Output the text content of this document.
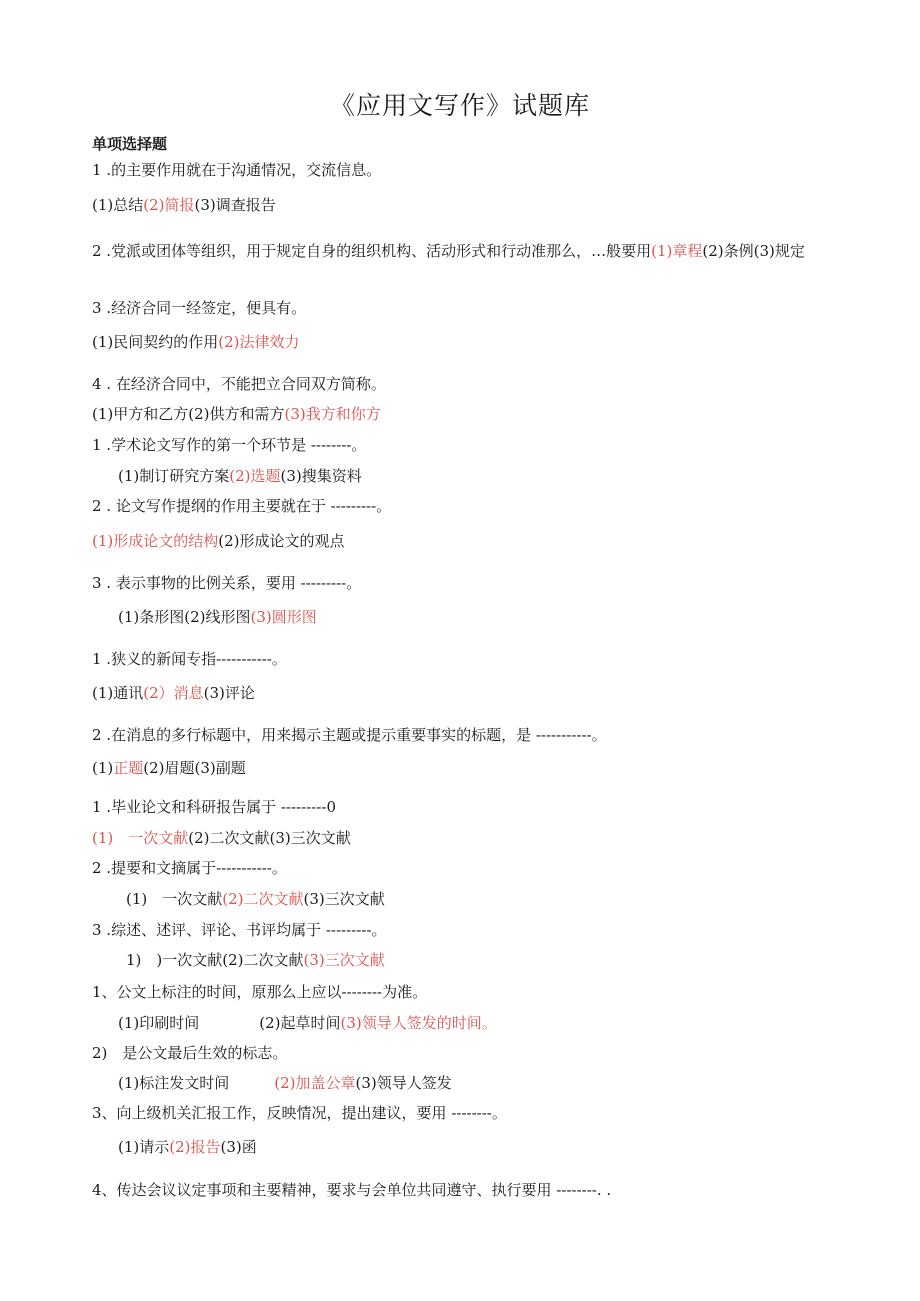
《应用文写作》试题库
单项选择题
1 .的主要作用就在于沟通情况，交流信息。
(1)总结(2)简报(3)调查报告
2 .党派或团体等组织，用于规定自身的组织机构、活动形式和行动准那么，…般要用(1)章程(2)条例(3)规定
3 .经济合同一经签定，便具有。
(1)民间契约的作用(2)法律效力
4 . 在经济合同中，不能把立合同双方简称。
(1)甲方和乙方(2)供方和需方(3)我方和你方
1 .学术论文写作的第一个环节是 --------。
(1)制订研究方案(2)选题(3)搜集资料
2 . 论文写作提纲的作用主要就在于 ---------。
(1)形成论文的结构(2)形成论文的观点
3 . 表示事物的比例关系，要用 ---------。
(1)条形图(2)线形图(3)圆形图
1 .狭义的新闻专指-----------。
(1)通讯(2）消息(3)评论
2 .在消息的多行标题中，用来揭示主题或提示重要事实的标题，是 -----------。
(1)正题(2)眉题(3)副题
1 .毕业论文和科研报告属于 ---------0
(1)　一次文献(2)二次文献(3)三次文献
2 .提要和文摘属于-----------。
(1)　一次文献(2)二次文献(3)三次文献
3 .综述、述评、评论、书评均属于 ---------。
1)　)一次文献(2)二次文献(3)三次文献
1、公文上标注的时间，原那么上应以--------为准。
(1)印刷时间　　　　(2)起草时间(3)领导人签发的时间。
2)　是公文最后生效的标志。
(1)标注发文时间　　　(2)加盖公章(3)领导人签发
3、向上级机关汇报工作，反映情况，提出建议，要用 --------。
(1)请示(2)报告(3)函
4、传达会议议定事项和主要精神，要求与会单位共同遵守、执行要用 --------. .
